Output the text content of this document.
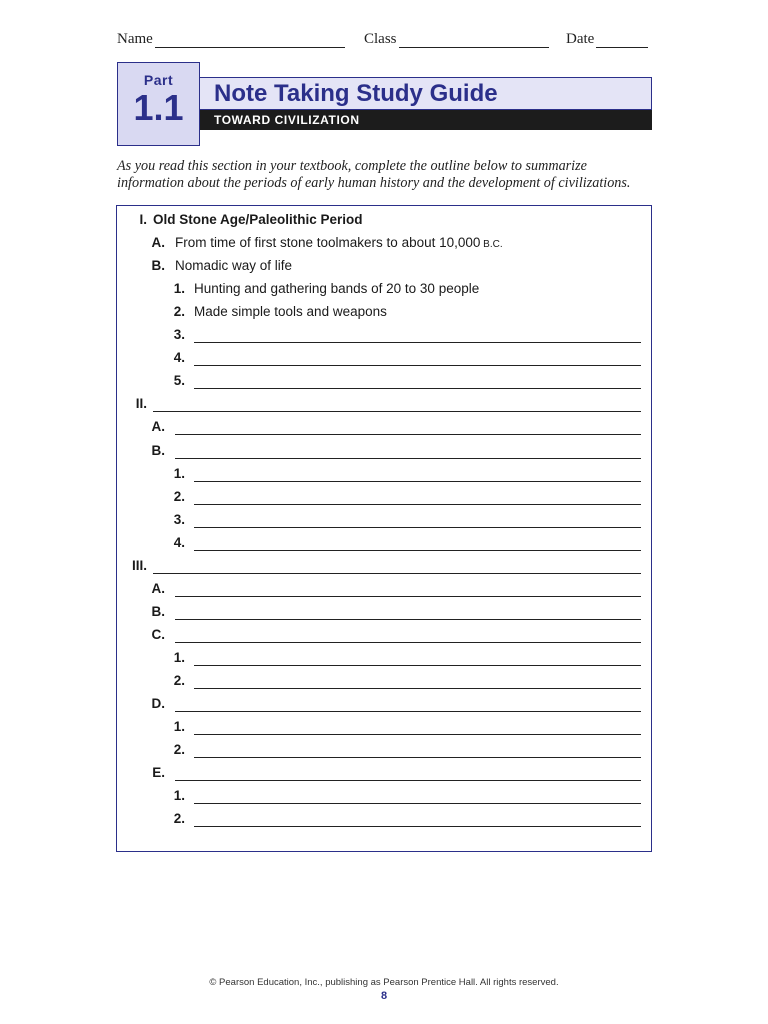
Name	Class	Date
Part
1.1	Note Taking Study Guide
TOWARD CIVILIZATION
As you read this section in your textbook, complete the outline below to summarize information about the periods of early human history and the development of civilizations.
I. Old Stone Age/Paleolithic Period
A. From time of first stone toolmakers to about 10,000 B.C.
B. Nomadic way of life
1. Hunting and gathering bands of 20 to 30 people
2. Made simple tools and weapons
3.
4.
5.
II.
A.
B.
1.
2.
3.
4.
III.
A.
B.
C.
1.
2.
D.
1.
2.
E.
1.
2.
© Pearson Education, Inc., publishing as Pearson Prentice Hall. All rights reserved.
8
